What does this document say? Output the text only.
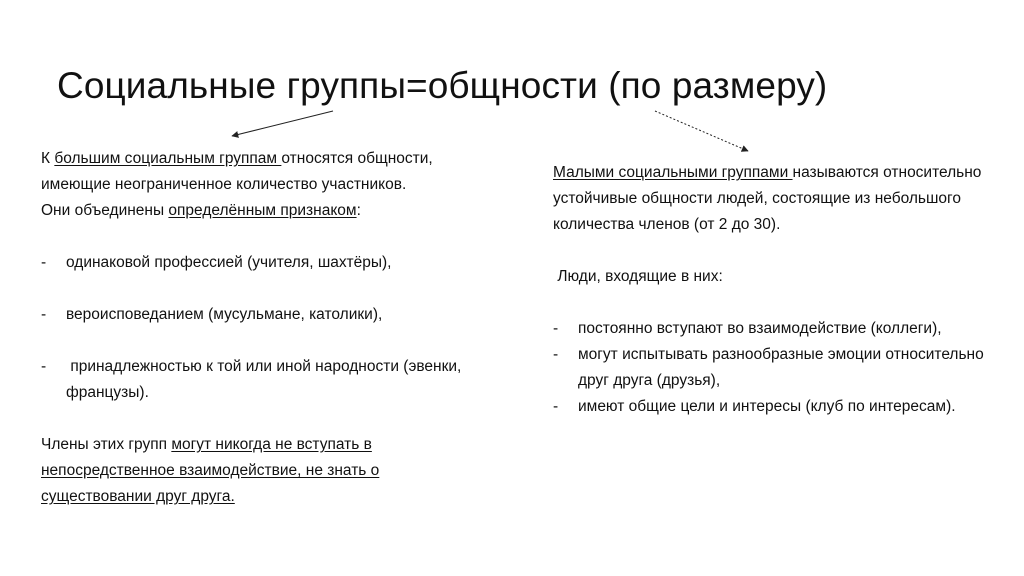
Социальные группы=общности (по размеру)

К большим социальным группам относятся общности, имеющие неограниченное количество участников.

Они объединены определённым признаком:

- одинаковой профессией (учителя, шахтёры),

- вероисповеданием (мусульмане, католики),

- принадлежностью к той или иной народности (эвенки, французы).

Члены этих групп могут никогда не вступать в непосредственное взаимодействие, не знать о существовании друг друга.

Малыми социальными группами называются относительно устойчивые общности людей, состоящие из небольшого количества членов (от 2 до 30).

Люди, входящие в них:

- постоянно вступают во взаимодействие (коллеги),

- могут испытывать разнообразные эмоции относительно друг друга (друзья),

- имеют общие цели и интересы (клуб по интересам).
